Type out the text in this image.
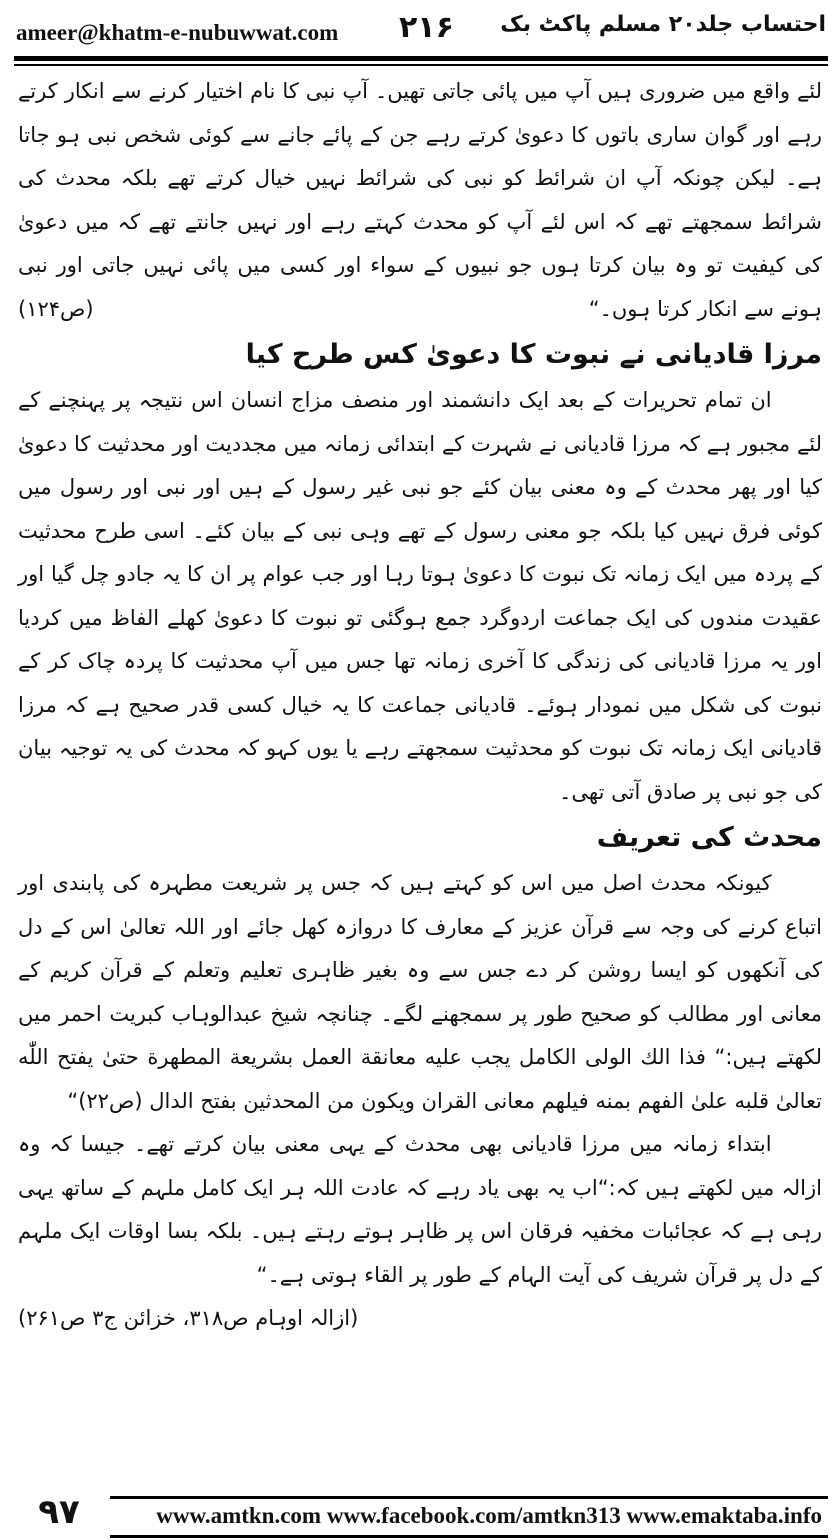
ameer@khatm-e-nubuwwat.com ۲۱۶ احتساب جلد۲۰ مسلم پاکٹ بک

لئے واقع میں ضروری ہیں آپ میں پائی جاتی تھیں۔ آپ نبی کا نام اختیار کرنے سے انکار کرتے رہے اور گوان ساری باتوں کا دعویٰ کرتے رہے جن کے پائے جانے سے کوئی شخص نبی ہو جاتا ہے۔ لیکن چونکہ آپ ان شرائط کو نبی کی شرائط نہیں خیال کرتے تھے بلکہ محدث کی شرائط سمجھتے تھے کہ اس لئے آپ کو محدث کہتے رہے اور نہیں جانتے تھے کہ میں دعویٰ کی کیفیت تو وہ بیان کرتا ہوں جو نبیوں کے سواء اور کسی میں پائی نہیں جاتی اور نبی ہونے سے انکار کرتا ہوں۔“
(ص۱۲۴)

مرزا قادیانی نے نبوت کا دعویٰ کس طرح کیا

ان تمام تحریرات کے بعد ایک دانشمند اور منصف مزاج انسان اس نتیجہ پر پہنچنے کے لئے مجبور ہے کہ مرزا قادیانی نے شہرت کے ابتدائی زمانہ میں مجددیت اور محدثیت کا دعویٰ کیا اور پھر محدث کے وہ معنی بیان کئے جو نبی غیر رسول کے ہیں اور نبی اور رسول میں کوئی فرق نہیں کیا بلکہ جو معنی رسول کے تھے وہی نبی کے بیان کئے۔ اسی طرح محدثیت کے پردہ میں ایک زمانہ تک نبوت کا دعویٰ ہوتا رہا اور جب عوام پر ان کا یہ جادو چل گیا اور عقیدت مندوں کی ایک جماعت اردوگرد جمع ہوگئی تو نبوت کا دعویٰ کھلے الفاظ میں کردیا اور یہ مرزا قادیانی کی زندگی کا آخری زمانہ تھا جس میں آپ محدثیت کا پردہ چاک کر کے نبوت کی شکل میں نمودار ہوئے۔ قادیانی جماعت کا یہ خیال کسی قدر صحیح ہے کہ مرزا قادیانی ایک زمانہ تک نبوت کو محدثیت سمجھتے رہے یا یوں کہو کہ محدث کی یہ توجیہ بیان کی جو نبی پر صادق آتی تھی۔

محدث کی تعریف

کیونکہ محدث اصل میں اس کو کہتے ہیں کہ جس پر شریعت مطہرہ کی پابندی اور اتباع کرنے کی وجہ سے قرآن عزیز کے معارف کا دروازہ کھل جائے اور اللہ تعالیٰ اس کے دل کی آنکھوں کو ایسا روشن کر دے جس سے وہ بغیر ظاہری تعلیم وتعلم کے قرآن کریم کے معانی اور مطالب کو صحیح طور پر سمجھنے لگے۔ چنانچہ شیخ عبدالوہاب کبریت احمر میں لکھتے ہیں:“ فذا الك الولى الكامل يجب عليه معانقة العمل بشريعة المطهرة حتىٰ يفتح اللّٰه تعالىٰ قلبه علىٰ الفهم بمنه فيلهم معانى القران ويكون من المحدثين بفتح الدال (ص٢٢)“

ابتداء زمانہ میں مرزا قادیانی بھی محدث کے یہی معنی بیان کرتے تھے۔ جیسا کہ وہ ازالہ میں لکھتے ہیں کہ:“اب یہ بھی یاد رہے کہ عادت اللہ ہر ایک کامل ملہم کے ساتھ یہی رہی ہے کہ عجائبات مخفیہ فرقان اس پر ظاہر ہوتے رہتے ہیں۔ بلکہ بسا اوقات ایک ملہم کے دل پر قرآن شریف کی آیت الہام کے طور پر القاء ہوتی ہے۔“
(ازالہ اوہام ص۳۱۸، خزائن ج۳ ص۲۶۱)

۹۷	www.amtkn.com www.facebook.com/amtkn313 www.emaktaba.info
